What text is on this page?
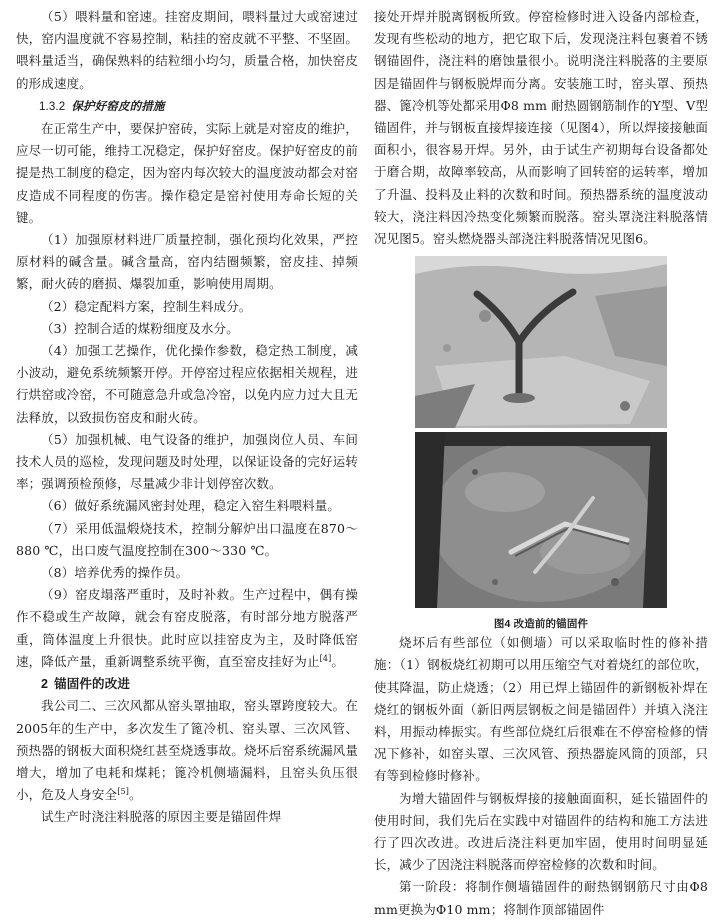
（5）喂料量和窑速。挂窑皮期间，喂料量过大或窑速过快，窑内温度就不容易控制，粘挂的窑皮就不平整、不坚固。喂料量适当，确保熟料的结粒细小均匀，质量合格，加快窑皮的形成速度。

1.3.2 保护好窑皮的措施

在正常生产中，要保护窑砖，实际上就是对窑皮的维护，应尽一切可能，维持工况稳定，保护好窑皮。保护好窑皮的前提是热工制度的稳定，因为窑内每次较大的温度波动都会对窑皮造成不同程度的伤害。操作稳定是窑衬使用寿命长短的关键。

（1）加强原材料进厂质量控制，强化预均化效果，严控原材料的碱含量。碱含量高，窑内结圈频繁，窑皮挂、掉频繁，耐火砖的磨损、爆裂加重，影响使用周期。

（2）稳定配料方案，控制生料成分。

（3）控制合适的煤粉细度及水分。

（4）加强工艺操作，优化操作参数，稳定热工制度，减小波动，避免系统频繁开停。开停窑过程应依据相关规程，进行烘窑或冷窑，不可随意急升或急冷窑，以免内应力过大且无法释放，以致损伤窑皮和耐火砖。

（5）加强机械、电气设备的维护，加强岗位人员、车间技术人员的巡检，发现问题及时处理，以保证设备的完好运转率；强调预检预修，尽量减少非计划停窑次数。

（6）做好系统漏风密封处理，稳定入窑生料喂料量。

（7）采用低温煅烧技术，控制分解炉出口温度在870～880 ℃，出口废气温度控制在300～330 ℃。

（8）培养优秀的操作员。

（9）窑皮塌落严重时，及时补救。生产过程中，偶有操作不稳或生产故障，就会有窑皮脱落，有时部分地方脱落严重，筒体温度上升很快。此时应以挂窑皮为主，及时降低窑速，降低产量，重新调整系统平衡，直至窑皮挂好为止[4]。

2 锚固件的改进

我公司二、三次风都从窑头罩抽取，窑头罩跨度较大。在2005年的生产中，多次发生了篦冷机、窑头罩、三次风管、预热器的钢板大面积烧红甚至烧透事故。烧坏后窑系统漏风量增大，增加了电耗和煤耗；篦冷机侧墙漏料，且窑头负压很小，危及人身安全[5]。

试生产时浇注料脱落的原因主要是锚固件焊

接处开焊并脱离钢板所致。停窑检修时进入设备内部检查，发现有些松动的地方，把它取下后，发现浇注料包裹着不锈钢锚固件，浇注料的磨蚀量很小。说明浇注料脱落的主要原因是锚固件与钢板脱焊而分离。安装施工时，窑头罩、预热器、篦冷机等处都采用Φ8 mm 耐热圆钢筋制作的Y型、V型锚固件，并与钢板直接焊接连接（见图4），所以焊接接触面面积小，很容易开焊。另外，由于试生产初期每台设备都处于磨合期，故障率较高，从而影响了回转窑的运转率，增加了升温、投料及止料的次数和时间。预热器系统的温度波动较大，浇注料因冷热变化频繁而脱落。窑头罩浇注料脱落情况见图5。窑头燃烧器头部浇注料脱落情况见图6。

图4 改造前的锚固件

烧坏后有些部位（如侧墙）可以采取临时性的修补措施：（1）钢板烧红初期可以用压缩空气对着烧红的部位吹，使其降温，防止烧透；（2）用已焊上锚固件的新钢板补焊在烧红的钢板外面（新旧两层钢板之间是锚固件）并填入浇注料，用振动棒振实。有些部位烧红后很难在不停窑检修的情况下修补，如窑头罩、三次风管、预热器旋风筒的顶部，只有等到检修时修补。

为增大锚固件与钢板焊接的接触面面积，延长锚固件的使用时间，我们先后在实践中对锚固件的结构和施工方法进行了四次改进。改进后浇注料更加牢固，使用时间明显延长，减少了因浇注料脱落而停窑检修的次数和时间。

第一阶段：将制作侧墙锚固件的耐热钢钢筋尺寸由Φ8 mm更换为Φ10 mm；将制作顶部锚固件
